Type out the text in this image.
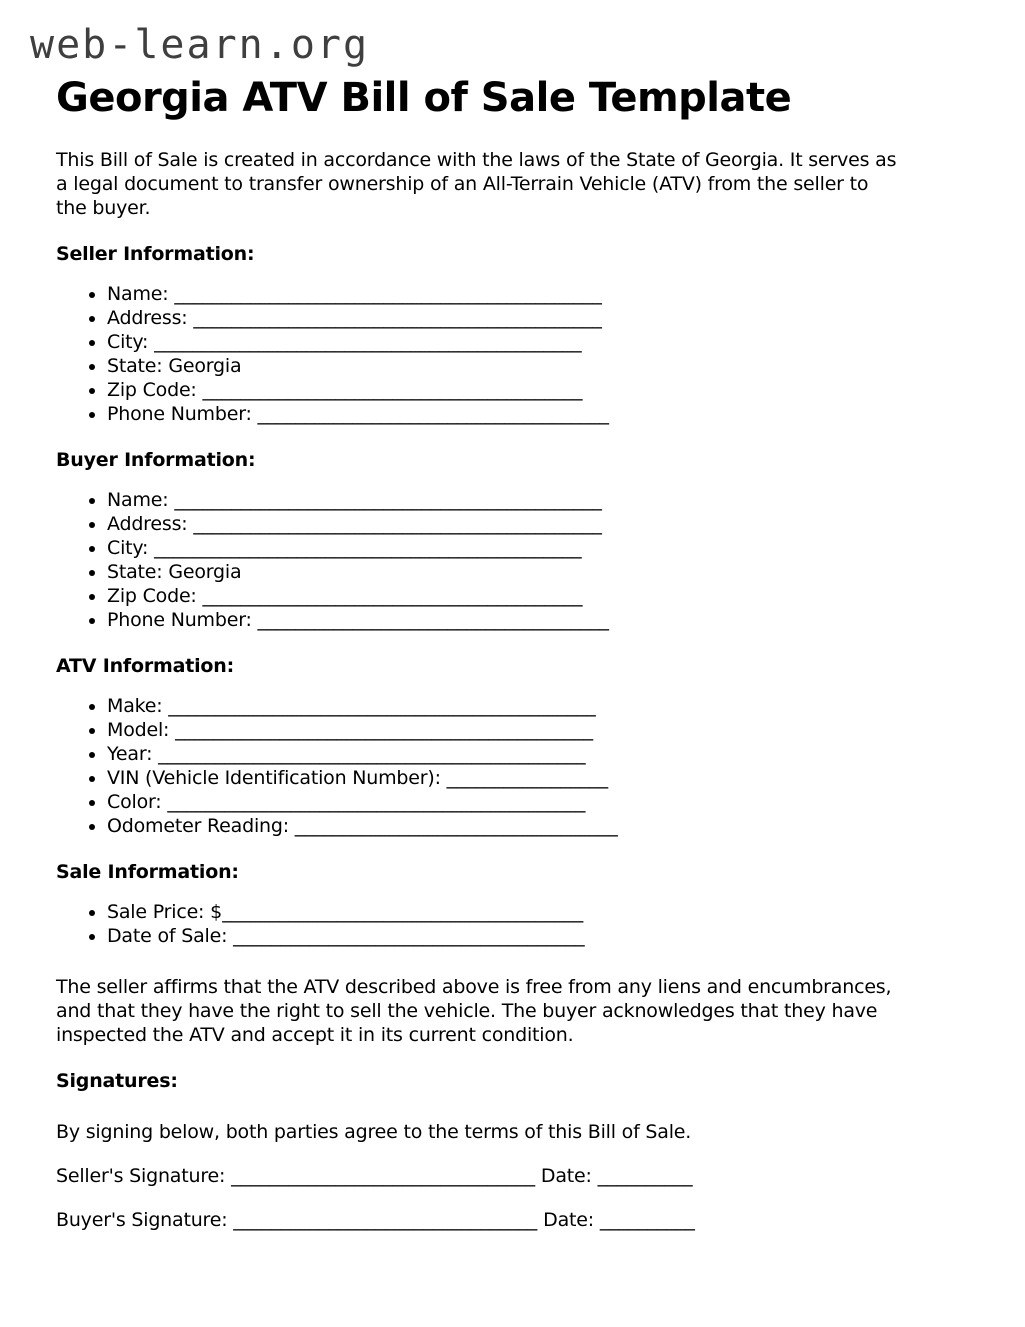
web-learn.org
Georgia ATV Bill of Sale Template
This Bill of Sale is created in accordance with the laws of the State of Georgia. It serves as
a legal document to transfer ownership of an All-Terrain Vehicle (ATV) from the seller to
the buyer.

Seller Information:

• Name: _____________________________________________
• Address: ___________________________________________
• City: _____________________________________________
• State: Georgia
• Zip Code: ________________________________________
• Phone Number: _____________________________________

Buyer Information:

• Name: _____________________________________________
• Address: ___________________________________________
• City: _____________________________________________
• State: Georgia
• Zip Code: ________________________________________
• Phone Number: _____________________________________

ATV Information:

• Make: _____________________________________________
• Model: ____________________________________________
• Year: _____________________________________________
• VIN (Vehicle Identification Number): _________________
• Color: ____________________________________________
• Odometer Reading: __________________________________

Sale Information:

• Sale Price: $______________________________________
• Date of Sale: _____________________________________
The seller affirms that the ATV described above is free from any liens and encumbrances,
and that they have the right to sell the vehicle. The buyer acknowledges that they have
inspected the ATV and accept it in its current condition.

Signatures:

By signing below, both parties agree to the terms of this Bill of Sale.

Seller's Signature: ________________________________ Date: __________

Buyer's Signature: ________________________________ Date: __________
